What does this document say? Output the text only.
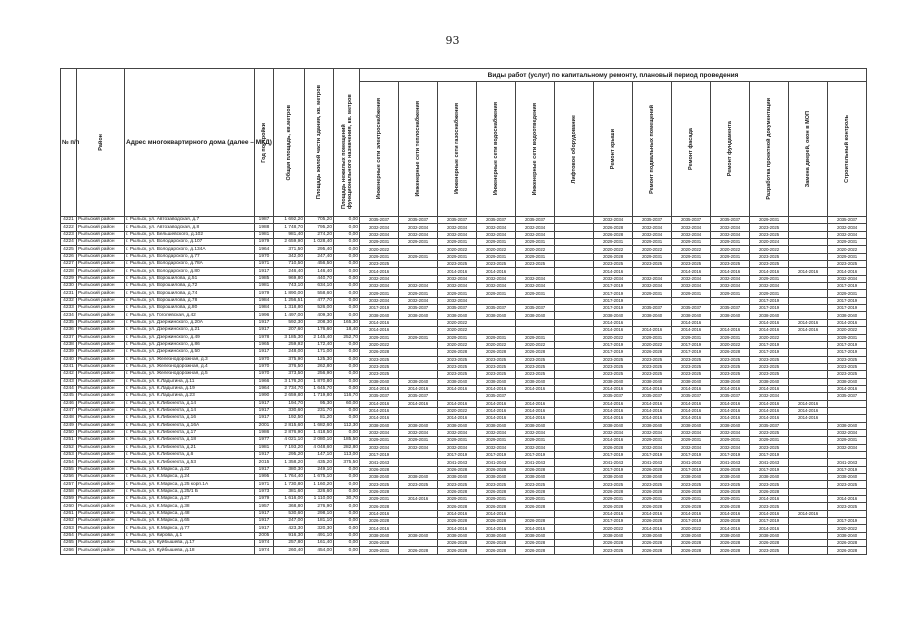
93
№ п/п	Район	Адрес многоквартирного дома (далее – МКД)	Год постройки	Общая площадь, кв.метров	Площадь жилой части здания, кв. метров	Площадь нежилых помещений функционального назначения, кв. метров	Виды работ (услуг) по капитальному ремонту, плановый период проведения												

							Инженерные сети электроснабжения	Инженерные сети теплоснабжения	Инженерные сети газоснабжения	Инженерные сети водоснабжения	Инженерные сети водоотведения	Лифтовое оборудование	Ремонт крыши	Ремонт подвальных помещений	Ремонт фасада	Ремонт фундамента	Разработка проектной документации	Замена дверей, окон в МОП	Строительный контроль

4221	Рыльский район	г. Рыльск, ул. Автозаводская, д.7	1987	1 692,20	705,20	0,00	2035-2037	2035-2037	2035-2037	2035-2037	2035-2037		2032-2034	2035-2037	2035-2037	2035-2037	2029-2031		2035-2037
4222	Рыльский район	г. Рыльск, ул. Автозаводская, д.8	1988	1 748,70	795,20	0,00	2032-2034	2032-2034	2032-2034	2032-2034	2032-2034		2026-2028	2032-2034	2032-2034	2032-2034	2023-2025		2032-2034
4223	Рыльский район	г. Рыльск, ул. Бельшевского, д.102	1981	981,40	274,20	0,00	2032-2034	2032-2034	2032-2034	2032-2034	2032-2034		2026-2028	2032-2034	2032-2034	2032-2034	2023-2025		2032-2034
4224	Рыльский район	г. Рыльск, ул. Володарского, д.107	1979	2 659,90	1 028,40	0,00	2029-2031	2029-2031	2029-2031	2029-2031	2029-2031		2029-2031	2029-2031	2029-2031	2029-2031	2020-2024		2029-2031
4225	Рыльский район	г. Рыльск, ул. Володарского, д.134А	1964	371,50	295,40	0,00	2020-2022		2020-2022	2020-2022	2020-2022		2020-2022	2020-2022	2020-2022	2020-2022	2020-2022		2020-2022
4226	Рыльский район	г. Рыльск, ул. Володарского, д.77	1970	342,00	247,40	0,00	2029-2031	2029-2031	2029-2031	2029-2031	2029-2031		2026-2028	2029-2031	2029-2031	2029-2031	2023-2025		2029-2031
4227	Рыльский район	г. Рыльск, ул. Володарского, д.78А	1971	710,50	456,50	0,00	2023-2025		2023-2025	2023-2025	2023-2025		2023-2025	2023-2025	2023-2025	2023-2025	2023-2025		2023-2025
4228	Рыльский район	г. Рыльск, ул. Володарского, д.80	1917	246,40	146,40	0,00	2014-2016		2014-2016	2014-2016			2014-2016		2014-2016	2014-2016	2014-2016	2014-2016	2014-2016
4229	Рыльский район	г. Рыльск, ул. Ворошилова, д.51	1985	969,80	440,70	0,00	2032-2034		2032-2034	2032-2034	2032-2034		2032-2034	2032-2034	2032-2034	2032-2034	2029-2031		2032-2034
4230	Рыльский район	г. Рыльск, ул. Ворошилова, д.72	1981	743,10	634,10	0,00	2032-2034	2032-2034	2032-2034	2032-2034	2032-2034		2017-2019	2032-2034	2032-2034	2032-2034	2032-2034		2017-2019
4231	Рыльский район	г. Рыльск, ул. Ворошилова, д.74	1979	1 890,00	558,60	0,00	2029-2031	2029-2031	2029-2031	2029-2031	2029-2031		2017-2019	2029-2031	2029-2031	2029-2031	2029-2031		2029-2031
4232	Рыльский район	г. Рыльск, ул. Ворошилова, д.78	1984	1 256,51	477,70	0,00	2032-2034	2032-2034	2032-2034				2017-2019				2017-2019		2017-2019
4233	Рыльский район	г. Рыльск, ул. Ворошилова, д.80	1984	1 318,80	526,00	0,00	2017-2019	2035-2037	2035-2037	2035-2037	2035-2037		2017-2019	2035-2037	2035-2037	2035-2037	2017-2019		2017-2019
4234	Рыльский район	г. Рыльск, ул. Гоголевская, д.42	1996	1 497,00	409,30	0,00	2038-2040	2038-2040	2038-2040	2038-2040	2038-2040		2038-2040	2038-2040	2038-2040	2038-2040	2038-2040		2038-2040
4235	Рыльский район	г. Рыльск, ул. Дзержинского, д.20А	1917	592,30	208,30	165,30	2014-2016		2020-2022				2014-2016		2014-2016		2014-2016	2014-2016	2014-2016
4236	Рыльский район	г. Рыльск, ул. Дзержинского, д.21	1917	207,60	176,60	18,40	2014-2016		2020-2022				2014-2016	2014-2016	2014-2016	2014-2016	2014-2016	2014-2016	2020-2022
4237	Рыльский район	г. Рыльск, ул. Дзержинского, д.49	1978	3 185,30	2 145,40	252,70	2029-2031	2029-2031	2029-2031	2029-2031	2029-2031		2020-2022	2029-2031	2029-2031	2029-2031	2020-2022		2029-2031
4238	Рыльский район	г. Рыльск, ул. Дзержинского, д.86	1965	259,92	172,40	0,00	2020-2022		2020-2022	2020-2022	2020-2022		2017-2019	2020-2022	2017-2019	2020-2022	2017-2019		2017-2019
4239	Рыльский район	г. Рыльск, ул. Дзержинского, д.50	1917	248,00	171,00	0,00	2026-2028		2026-2028	2026-2028	2026-2028		2017-2019	2026-2028	2017-2019	2026-2028	2017-2019		2017-2019
4240	Рыльский район	г. Рыльск, ул. Железнодорожная, д.3	1970	375,90	125,30	0,00	2023-2025		2023-2025	2023-2025	2023-2025		2023-2025	2023-2025	2023-2025	2023-2025	2023-2025		2023-2025
4241	Рыльский район	г. Рыльск, ул. Железнодорожная, д.4	1970	376,50	262,80	0,00	2023-2025		2023-2025	2023-2025	2023-2025		2023-2025	2023-2025	2023-2025	2023-2025	2023-2025		2023-2025
4242	Рыльский район	г. Рыльск, ул. Железнодорожная, д.5	1970	373,50	256,90	0,00	2023-2025		2023-2025	2023-2025	2023-2025		2023-2025	2023-2025	2023-2025	2023-2025	2023-2025		2023-2025
4243	Рыльский район	г. Рыльск, ул. К.Ладыгина, д.11	1966	3 176,20	1 870,80	0,00	2038-2040	2038-2040	2038-2040	2038-2040	2038-2040		2038-2040	2038-2040	2038-2040	2038-2040	2038-2040		2038-2040
4244	Рыльский район	г. Рыльск, ул. К.Ладыгина, д.19	1964	2 734,70	1 645,70	0,00	2014-2016	2014-2016	2014-2016	2014-2016	2014-2016		2014-2016	2014-2016	2014-2016	2014-2016	2014-2016		2014-2016
4245	Рыльский район	г. Рыльск, ул. К.Ладыгина, д.23	1990	2 659,80	1 719,80	116,70	2035-2037	2035-2037		2035-2037			2035-2037	2035-2037	2035-2037	2035-2037	2032-2034		2035-2037
4246	Рыльский район	г. Рыльск, ул. К.Либкнехта, д.14	1917	194,70	95,30	60,00	2014-2016	2014-2016	2014-2016	2014-2016	2014-2016		2014-2016	2014-2016	2014-2016	2014-2016	2014-2016	2014-2016	
4247	Рыльский район	г. Рыльск, ул. К.Либкнехта, д.14	1917	330,60	231,70	0,00	2014-2016		2020-2022	2014-2016	2014-2016		2014-2016	2014-2016	2014-2016	2014-2016	2014-2016	2014-2016	
4248	Рыльский район	г. Рыльск, ул. К.Либкнехта, д.16	1917	192,50	81,20	0,00	2014-2016		2014-2016	2014-2016	2014-2016		2014-2016	2014-2016	2014-2016	2014-2016	2014-2016	2014-2016	
4249	Рыльский район	г. Рыльск, ул. К.Либкнехта, д.16А	2001	2 815,60	1 682,60	112,30	2038-2040	2038-2040	2038-2040	2038-2040	2038-2040		2038-2040	2038-2040	2038-2040	2038-2040	2035-2037		2038-2040
4250	Рыльский район	г. Рыльск, ул. К.Либкнехта, д.17	1986	2 876,90	1 418,50	0,00	2032-2034	2032-2034	2032-2034	2032-2034	2032-2034		2032-2034	2032-2034	2032-2034	2032-2034	2023-2025		2032-2034
4251	Рыльский район	г. Рыльск, ул. К.Либкнехта, д.18	1977	4 021,10	2 080,10	185,50	2029-2031	2029-2031	2029-2031	2029-2031	2029-2031		2014-2016	2029-2031	2029-2031	2029-2031	2029-2031		2029-2031
4252	Рыльский район	г. Рыльск, ул. К.Либкнехта, д.21	1981	7 193,20	4 048,60	282,80	2032-2034	2032-2034	2032-2034	2032-2034	2032-2034		2026-2028	2032-2034	2032-2034	2032-2034	2023-2025		2032-2034
4253	Рыльский район	г. Рыльск, ул. К.Либкнехта, д.6	1917	295,20	147,10	113,00	2017-2019		2017-2019	2017-2019	2017-2019		2017-2019	2017-2019	2017-2019	2017-2019	2017-2019		
4254	Рыльский район	г. Рыльск, ул. К.Либкнехта, д.53	2015	1 358,20	435,20	375,50	2041-2043		2041-2043	2041-2043	2041-2043		2041-2043	2041-2043	2041-2043	2041-2043	2041-2043		2041-2043
4255	Рыльский район	г. Рыльск, ул. К.Маркса, д.22	1917	380,30	249,10	0,00	2026-2028		2026-2028	2026-2028	2026-2028		2017-2019	2026-2028	2017-2019	2026-2028	2017-2019		2017-2019
4256	Рыльский район	г. Рыльск, ул. К.Маркса, д.24	1995	1 764,40	1 675,10	0,00	2038-2040	2038-2040	2038-2040	2038-2040	2038-2040		2038-2040	2038-2040	2038-2040	2038-2040	2038-2040		2038-2040
4257	Рыльский район	г. Рыльск, ул. К.Маркса, д.25 корп.1А	1971	1 730,80	1 160,20	0,00	2023-2025	2023-2025	2023-2025	2023-2025	2023-2025		2023-2025	2023-2025	2023-2025	2023-2025	2023-2025		2023-2025
4258	Рыльский район	г. Рыльск, ул. К.Маркса, д.25/1 Б	1973	381,60	326,60	0,00	2026-2028		2026-2028	2026-2028	2026-2028		2026-2028	2026-2028	2026-2028	2026-2028	2026-2028		
4259	Рыльский район	г. Рыльск, ул. К.Маркса, д.27	1979	1 616,00	1 110,00	30,70	2029-2031	2014-2016	2029-2031	2029-2031	2029-2031		2029-2031	2029-2031	2029-2031	2029-2031	2014-2016		2014-2016
4260	Рыльский район	г. Рыльск, ул. К.Маркса, д.38	1957	368,80	276,90	0,00	2026-2028		2026-2028	2026-2028	2026-2028		2026-2028	2026-2028	2026-2028	2026-2028	2023-2025		2023-2025
4261	Рыльский район	г. Рыльск, ул. К.Маркса, д.48	1917	530,60	298,10	0,00	2014-2016		2014-2016	2014-2016			2014-2016	2014-2016	2014-2016	2014-2016	2014-2016	2014-2016	
4262	Рыльский район	г. Рыльск, ул. К.Маркса, д.65	1917	247,00	181,10	0,00	2026-2028		2026-2028	2026-2028	2026-2028		2017-2019	2026-2028	2017-2019	2026-2028	2017-2019		2017-2019
4263	Рыльский район	г. Рыльск, ул. К.Маркса, д.77	1917	423,30	320,30	0,00	2014-2016		2014-2016	2014-2016	2014-2016		2020-2022	2014-2016	2020-2022	2014-2016	2014-2016		2020-2022
4264	Рыльский район	г. Рыльск, ул. Кирова, д.1	2005	916,30	491,10	0,00	2038-2040	2038-2040	2038-2040	2038-2040	2038-2040		2038-2040	2038-2040	2038-2040	2038-2040	2038-2040		2038-2040
4265	Рыльский район	г. Рыльск, ул. Куйбышева, д.17	1974	257,80	161,40	0,00	2026-2028		2026-2028	2026-2028	2026-2028		2026-2028	2026-2028	2026-2028	2026-2028	2026-2028		2026-2028
4266	Рыльский район	г. Рыльск, ул. Куйбышева, д.18	1974	260,40	454,00	0,00	2029-2031	2026-2028	2026-2028	2026-2028	2026-2028		2023-2025	2026-2028	2026-2028	2026-2028	2023-2025		2026-2028
